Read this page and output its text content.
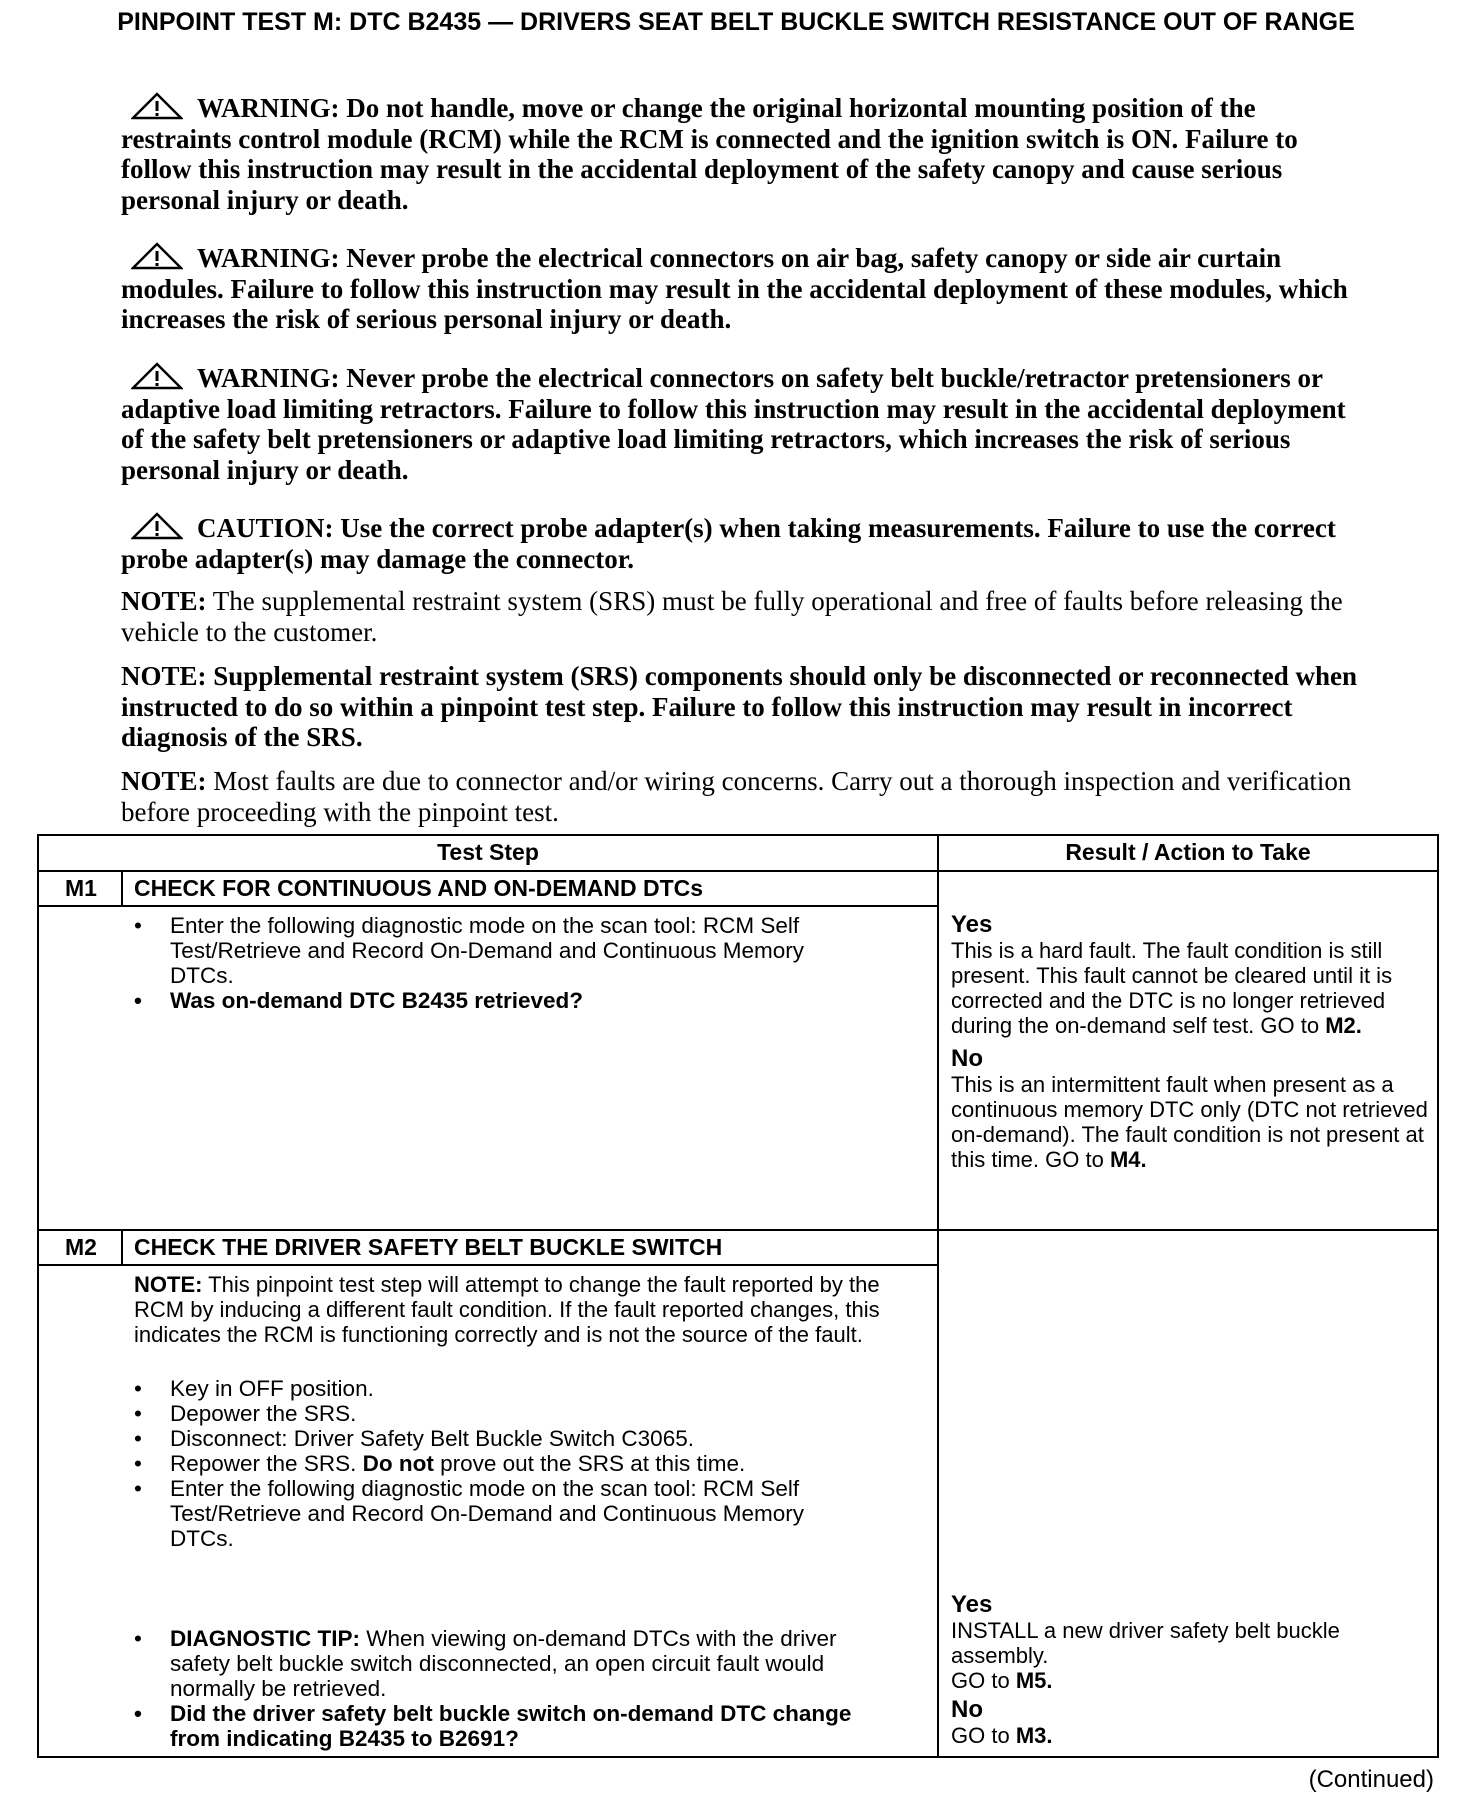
PINPOINT TEST M: DTC B2435 — DRIVERS SEAT BELT BUCKLE SWITCH RESISTANCE OUT OF RANGE
WARNING: Do not handle, move or change the original horizontal mounting position of the restraints control module (RCM) while the RCM is connected and the ignition switch is ON. Failure to follow this instruction may result in the accidental deployment of the safety canopy and cause serious personal injury or death.
WARNING: Never probe the electrical connectors on air bag, safety canopy or side air curtain modules. Failure to follow this instruction may result in the accidental deployment of these modules, which increases the risk of serious personal injury or death.
WARNING: Never probe the electrical connectors on safety belt buckle/retractor pretensioners or adaptive load limiting retractors. Failure to follow this instruction may result in the accidental deployment of the safety belt pretensioners or adaptive load limiting retractors, which increases the risk of serious personal injury or death.
CAUTION: Use the correct probe adapter(s) when taking measurements. Failure to use the correct probe adapter(s) may damage the connector.
NOTE: The supplemental restraint system (SRS) must be fully operational and free of faults before releasing the vehicle to the customer.
NOTE: Supplemental restraint system (SRS) components should only be disconnected or reconnected when instructed to do so within a pinpoint test step. Failure to follow this instruction may result in incorrect diagnosis of the SRS.
NOTE: Most faults are due to connector and/or wiring concerns. Carry out a thorough inspection and verification before proceeding with the pinpoint test.
Test Step	Result / Action to Take
M1	CHECK FOR CONTINUOUS AND ON-DEMAND DTCs
• Enter the following diagnostic mode on the scan tool: RCM Self Test/Retrieve and Record On-Demand and Continuous Memory DTCs.
• Was on-demand DTC B2435 retrieved?
Yes
This is a hard fault. The fault condition is still present. This fault cannot be cleared until it is corrected and the DTC is no longer retrieved during the on-demand self test. GO to M2.
No
This is an intermittent fault when present as a continuous memory DTC only (DTC not retrieved on-demand). The fault condition is not present at this time. GO to M4.
M2	CHECK THE DRIVER SAFETY BELT BUCKLE SWITCH
NOTE: This pinpoint test step will attempt to change the fault reported by the RCM by inducing a different fault condition. If the fault reported changes, this indicates the RCM is functioning correctly and is not the source of the fault.
• Key in OFF position.
• Depower the SRS.
• Disconnect: Driver Safety Belt Buckle Switch C3065.
• Repower the SRS. Do not prove out the SRS at this time.
• Enter the following diagnostic mode on the scan tool: RCM Self Test/Retrieve and Record On-Demand and Continuous Memory DTCs.
• DIAGNOSTIC TIP: When viewing on-demand DTCs with the driver safety belt buckle switch disconnected, an open circuit fault would normally be retrieved.
• Did the driver safety belt buckle switch on-demand DTC change from indicating B2435 to B2691?
Yes
INSTALL a new driver safety belt buckle assembly.
GO to M5.
No
GO to M3.
(Continued)
